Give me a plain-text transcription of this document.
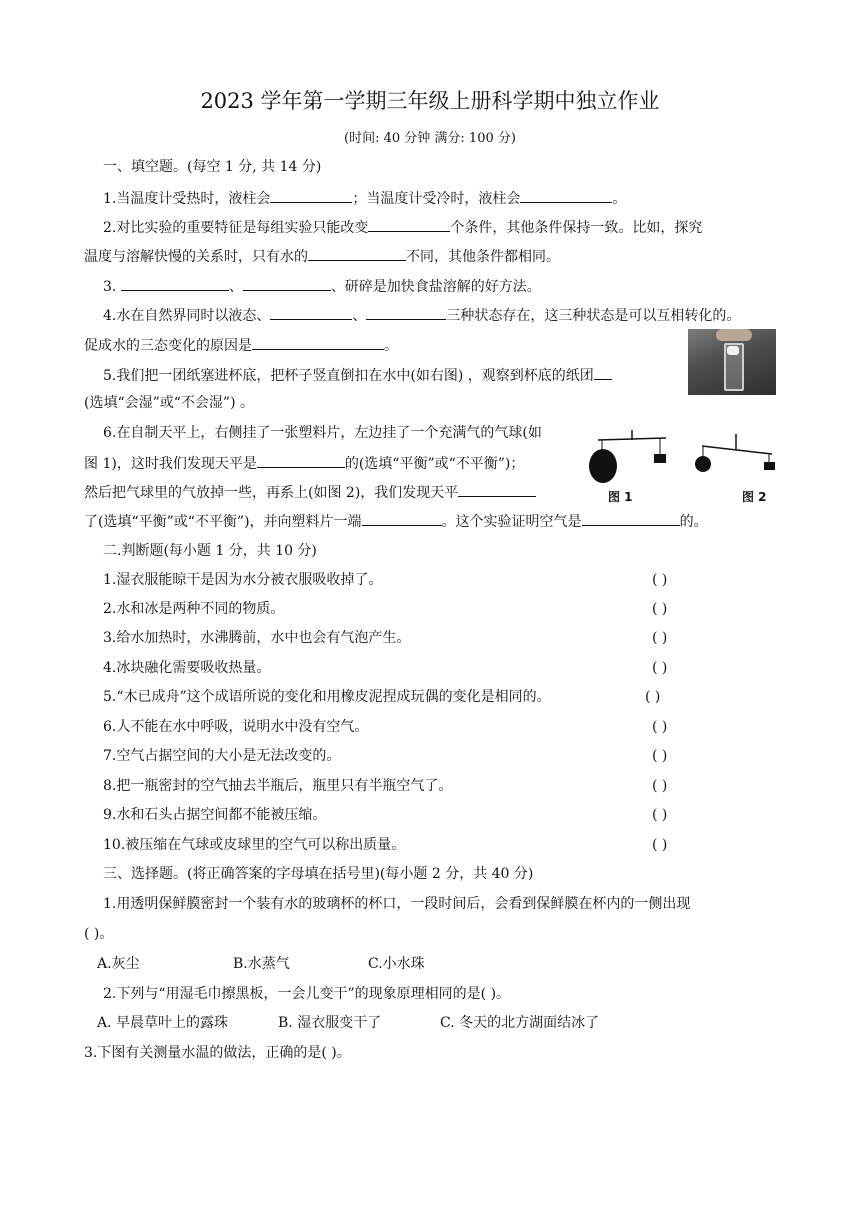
2023 学年第一学期三年级上册科学期中独立作业
(时间: 40 分钟 满分: 100 分)
一、填空题。(每空 1 分, 共 14 分)
1.当温度计受热时，液柱会	；当温度计受冷时，液柱会	。
2.对比实验的重要特征是每组实验只能改变	个条件，其他条件保持一致。比如，探究
温度与溶解快慢的关系时，只有水的	不同，其他条件都相同。
3.	、	、研碎是加快食盐溶解的好方法。
4.水在自然界同时以液态、	、	三种状态存在，这三种状态是可以互相转化的。
促成水的三态变化的原因是	。
5.我们把一团纸塞进杯底，把杯子竖直倒扣在水中(如右图) ，观察到杯底的纸团
(选填“会湿”或“不会湿”) 。
6.在自制天平上，右侧挂了一张塑料片，左边挂了一个充满气的气球(如
图 1)，这时我们发现天平是	的(选填“平衡”或“不平衡”)；
然后把气球里的气放掉一些，再系上(如图 2)，我们发现天平
了(选填“平衡”或“不平衡”)，并向塑料片一端	。这个实验证明空气是	的。
图 1	图 2
二.判断题(每小题 1 分，共 10 分)
1.湿衣服能晾干是因为水分被衣服吸收掉了。	( )
2.水和冰是两种不同的物质。	( )
3.给水加热时，水沸腾前，水中也会有气泡产生。	( )
4.冰块融化需要吸收热量。	( )
5.“木已成舟”这个成语所说的变化和用橡皮泥捏成玩偶的变化是相同的。	( )
6.人不能在水中呼吸，说明水中没有空气。	( )
7.空气占据空间的大小是无法改变的。	( )
8.把一瓶密封的空气抽去半瓶后，瓶里只有半瓶空气了。	( )
9.水和石头占据空间都不能被压缩。	( )
10.被压缩在气球或皮球里的空气可以称出质量。	( )
三、选择题。(将正确答案的字母填在括号里)(每小题 2 分，共 40 分)
1.用透明保鲜膜密封一个装有水的玻璃杯的杯口，一段时间后，会看到保鲜膜在杯内的一侧出现
( )。
A.灰尘	B.水蒸气	C.小水珠
2.下列与“用湿毛巾擦黑板，一会儿变干”的现象原理相同的是( )。
A. 早晨草叶上的露珠	B. 湿衣服变干了	C. 冬天的北方湖面结冰了
3.下图有关测量水温的做法，正确的是( )。
